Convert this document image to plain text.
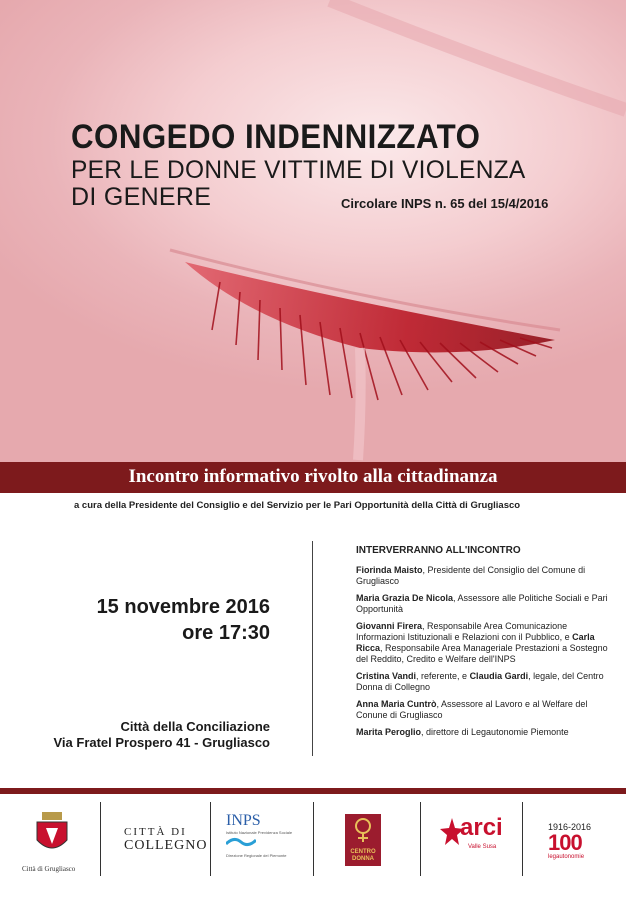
CONGEDO INDENNIZZATO
PER LE DONNE VITTIME DI VIOLENZA
DI GENERE	Circolare INPS n. 65 del 15/4/2016
Incontro informativo rivolto alla cittadinanza
a cura della Presidente del Consiglio e del Servizio per le Pari Opportunità della Città di Grugliasco
15 novembre 2016
ore 17:30
Città della Conciliazione
Via Fratel Prospero 41 - Grugliasco
INTERVERRANNO ALL'INCONTRO
Fiorinda Maisto, Presidente del Consiglio del Comune di Grugliasco
Maria Grazia De Nicola, Assessore alle Politiche Sociali e Pari Opportunità
Giovanni Firera, Responsabile Area Comunicazione Informazioni Istituzionali e Relazioni con il Pubblico, e Carla Ricca, Responsabile Area Manageriale Prestazioni a Sostegno del Reddito, Credito e Welfare dell'INPS
Cristina Vandi, referente, e Claudia Gardi, legale, del Centro Donna di Collegno
Anna Maria Cuntrò, Assessore al Lavoro e al Welfare del Conune di Grugliasco
Marita Peroglio, direttore di Legautonomie Piemonte
Città di Grugliasco
CITTÀ DI
COLLEGNO
INPS
Istituto Nazionale Previdenza Sociale
Direzione Regionale del Piemonte
CENTRO DONNA
arci
Valle Susa
1916-2016
100
legautonomie
